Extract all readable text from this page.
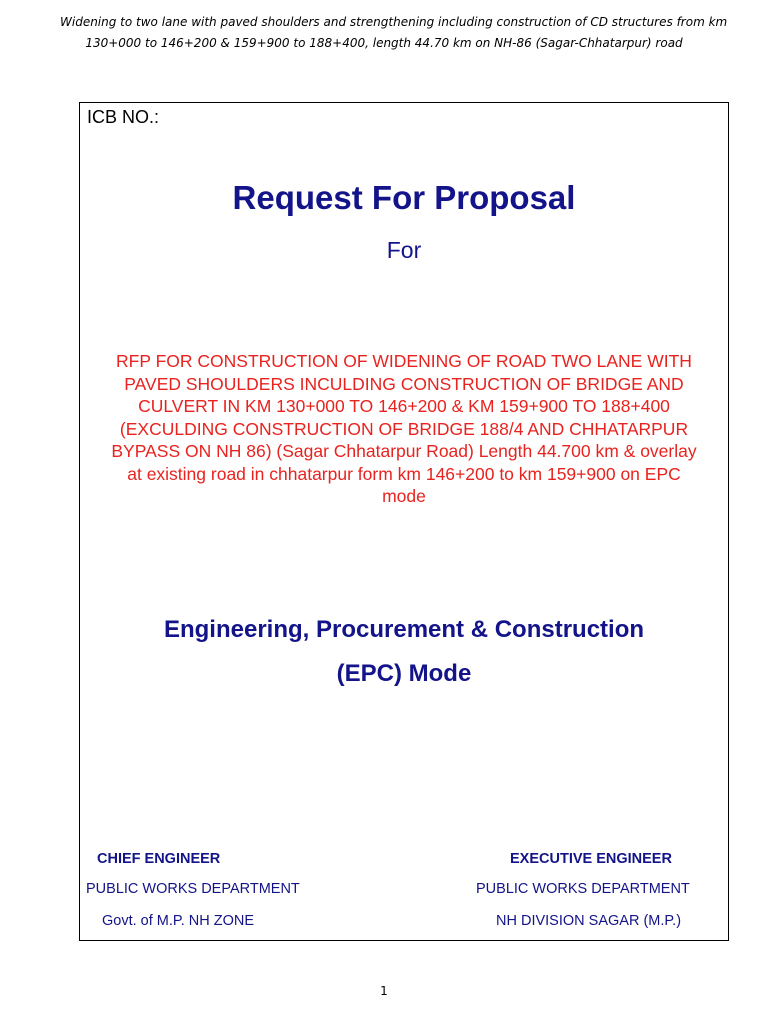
Widening to two lane with paved shoulders and strengthening including construction of CD structures from km
130+000 to 146+200 & 159+900 to 188+400, length 44.70 km on NH-86 (Sagar-Chhatarpur) road
ICB NO.:
Request For Proposal
For
RFP FOR CONSTRUCTION OF WIDENING OF ROAD TWO LANE WITH
PAVED SHOULDERS INCULDING CONSTRUCTION OF BRIDGE AND
CULVERT IN KM 130+000 TO 146+200 & KM 159+900 TO 188+400
(EXCULDING CONSTRUCTION OF BRIDGE 188/4 AND CHHATARPUR
BYPASS ON NH 86) (Sagar Chhatarpur Road) Length 44.700 km & overlay
at existing road in chhatarpur form km 146+200 to km 159+900 on EPC
mode
Engineering, Procurement & Construction
(EPC) Mode
CHIEF ENGINEER
PUBLIC WORKS DEPARTMENT
Govt. of M.P. NH ZONE
EXECUTIVE ENGINEER
PUBLIC WORKS DEPARTMENT
NH DIVISION SAGAR (M.P.)
1
